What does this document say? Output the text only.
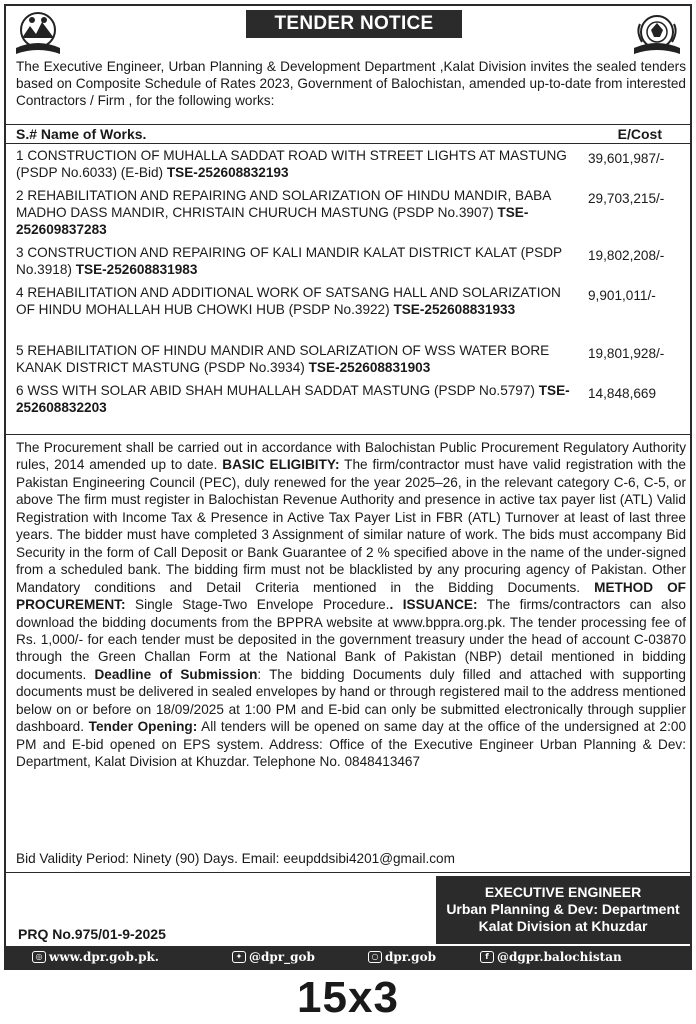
TENDER NOTICE

The Executive Engineer, Urban Planning & Development Department ,Kalat Division invites the sealed tenders based on Composite Schedule of Rates 2023, Government of Balochistan, amended up-to-date from interested Contractors / Firm , for the following works:

S.# Name of Works.	E/Cost
1 CONSTRUCTION OF MUHALLA SADDAT ROAD WITH STREET LIGHTS AT MASTUNG (PSDP No.6033) (E-Bid) TSE-252608832193
39,601,987/-
2 REHABILITATION AND REPAIRING AND SOLARIZATION OF HINDU MANDIR, BABA MADHO DASS MANDIR, CHRISTAIN CHURUCH MASTUNG (PSDP No.3907) TSE-252609837283
29,703,215/-
3 CONSTRUCTION AND REPAIRING OF KALI MANDIR KALAT DISTRICT KALAT (PSDP No.3918) TSE-252608831983
19,802,208/-
4 REHABILITATION AND ADDITIONAL WORK OF SATSANG HALL AND SOLARIZATION OF HINDU MOHALLAH HUB CHOWKI HUB (PSDP No.3922) TSE-252608831933
9,901,011/-
5 REHABILITATION OF HINDU MANDIR AND SOLARIZATION OF WSS WATER BORE KANAK DISTRICT MASTUNG (PSDP No.3934) TSE-252608831903
19,801,928/-
6 WSS WITH SOLAR ABID SHAH MUHALLAH SADDAT MASTUNG (PSDP No.5797) TSE-252608832203
14,848,669

The Procurement shall be carried out in accordance with Balochistan Public Procurement Regulatory Authority rules, 2014 amended up to date. BASIC ELIGIBITY: The firm/contractor must have valid registration with the Pakistan Engineering Council (PEC), duly renewed for the year 2025–26, in the relevant category C-6, C-5, or above The firm must register in Balochistan Revenue Authority and presence in active tax payer list (ATL) Valid Registration with Income Tax & Presence in Active Tax Payer List in FBR (ATL) Turnover at least of last three years. The bidder must have completed 3 Assignment of similar nature of work. The bids must accompany Bid Security in the form of Call Deposit or Bank Guarantee of 2 % specified above in the name of the under-signed from a scheduled bank. The bidding firm must not be blacklisted by any procuring agency of Pakistan. Other Mandatory conditions and Detail Criteria mentioned in the Bidding Documents. METHOD OF PROCUREMENT: Single Stage-Two Envelope Procedure.. ISSUANCE: The firms/contractors can also download the bidding documents from the BPPRA website at www.bppra.org.pk. The tender processing fee of Rs. 1,000/- for each tender must be deposited in the government treasury under the head of account C-03870 through the Green Challan Form at the National Bank of Pakistan (NBP) detail mentioned in bidding documents. Deadline of Submission: The bidding Documents duly filled and attached with supporting documents must be delivered in sealed envelopes by hand or through registered mail to the address mentioned below on or before on 18/09/2025 at 1:00 PM and E-bid can only be submitted electronically through supplier dashboard. Tender Opening: All tenders will be opened on same day at the office of the undersigned at 2:00 PM and E-bid opened on EPS system. Address: Office of the Executive Engineer Urban Planning & Dev: Department, Kalat Division at Khuzdar. Telephone No. 0848413467

Bid Validity Period: Ninety (90) Days. Email: eeupddsibi4201@gmail.com
EXECUTIVE ENGINEER
Urban Planning & Dev: Department
Kalat Division at Khuzdar
PRQ No.975/01-9-2025
◎ www.dpr.gob.pk.	✦ @dpr_gob	○ dpr.gob	f @dgpr.balochistan
15x3
